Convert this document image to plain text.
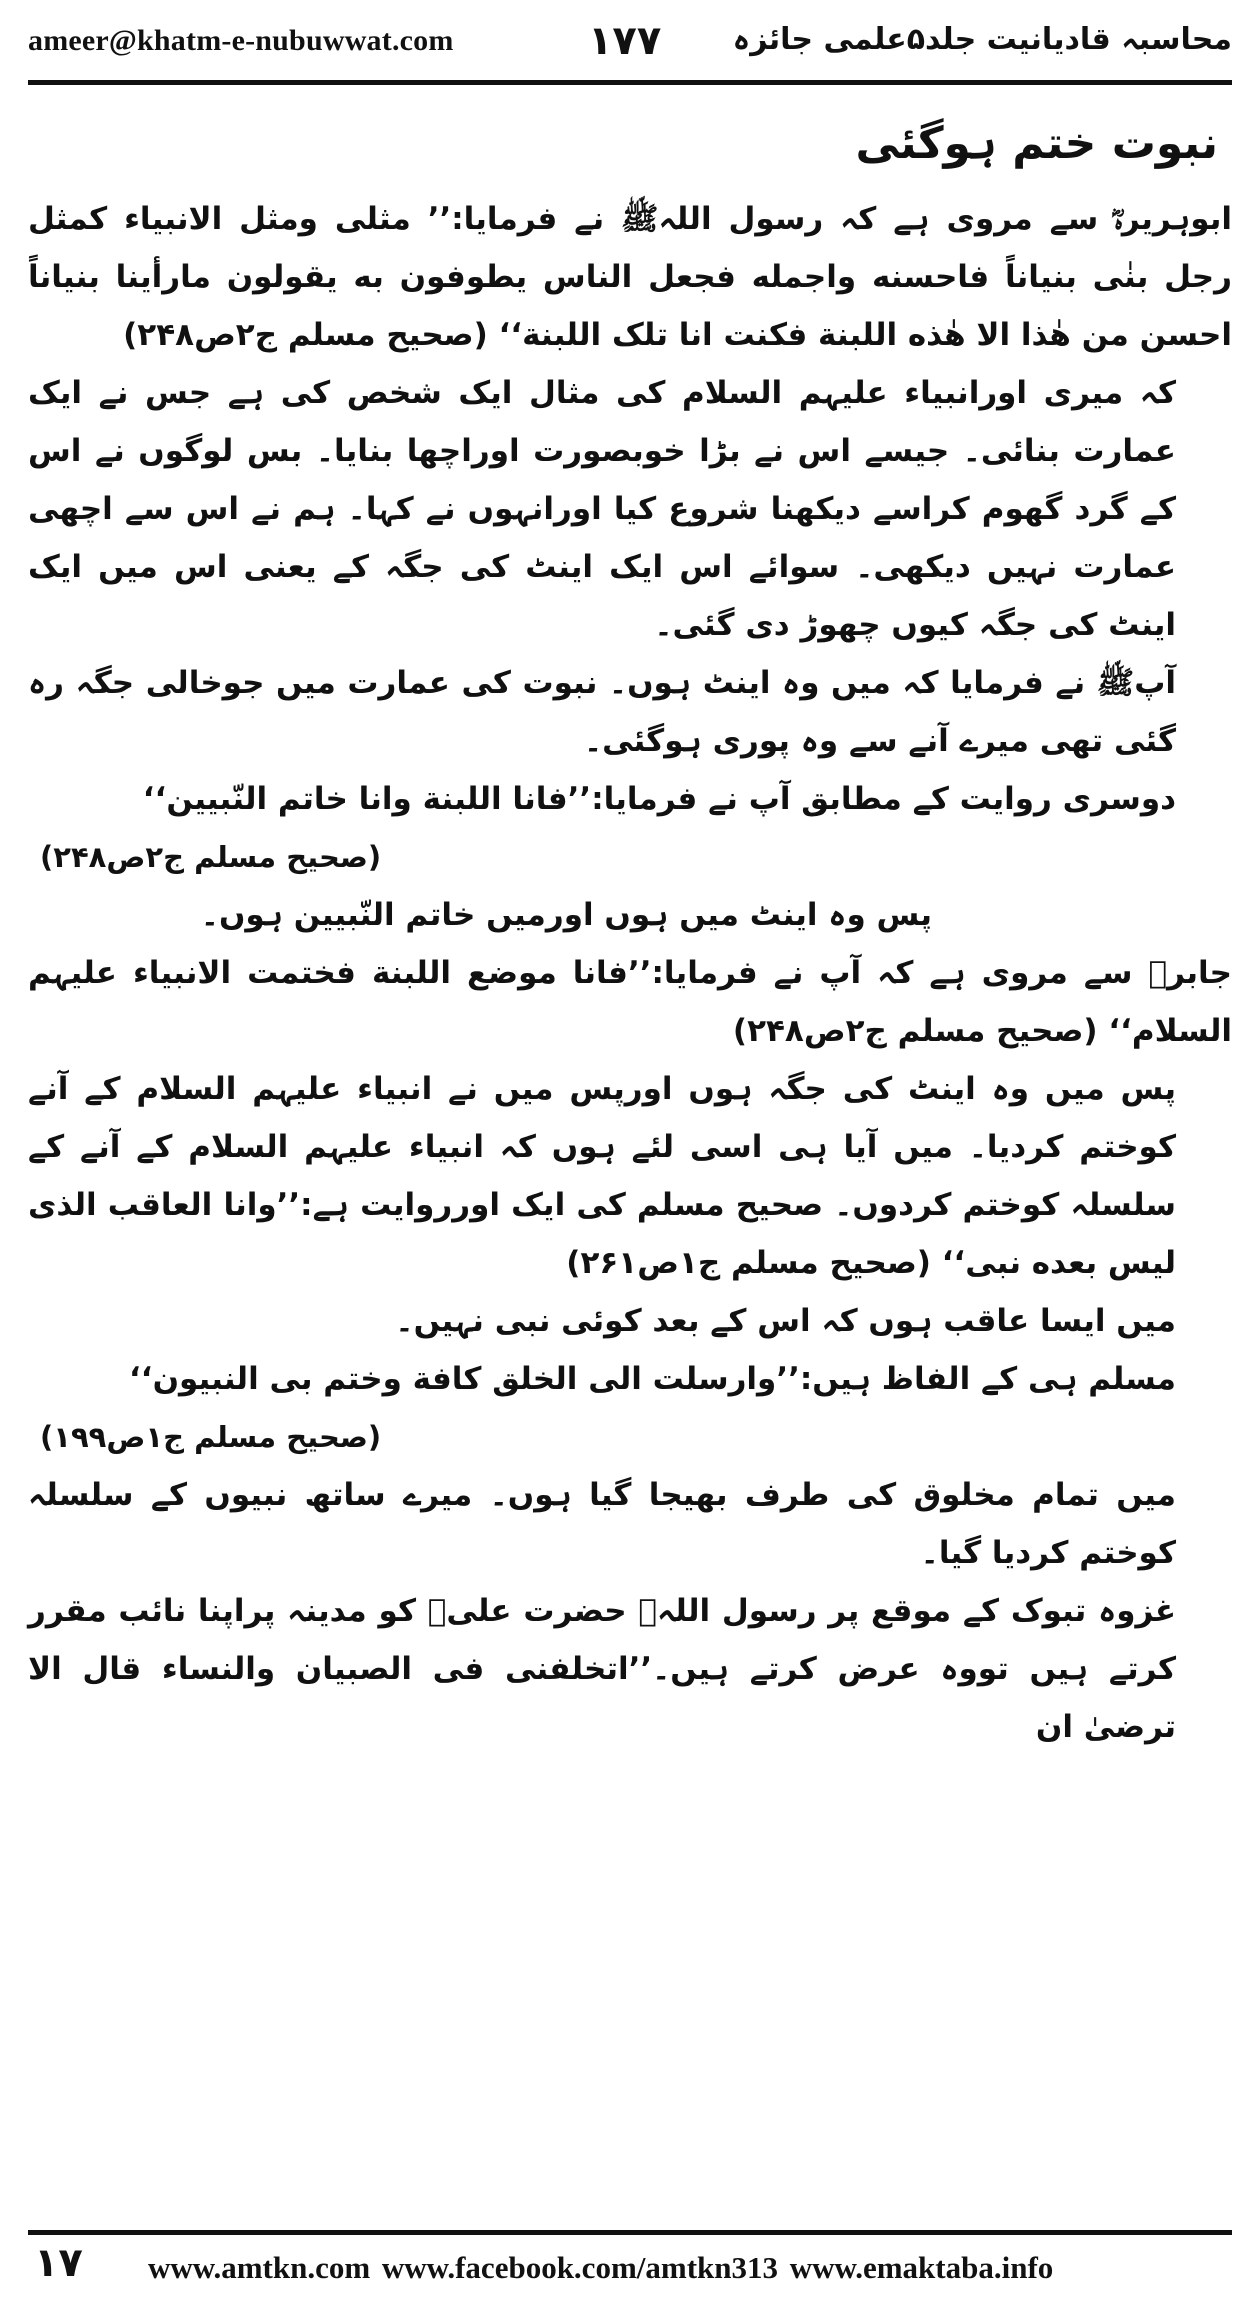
ameer@khatm-e-nubuwwat.com	۱۷۷ محاسبہ قادیانیت جلد۵علمی جائزہ
نبوت ختم ہوگئی

ابوہریرہؓ سے مروی ہے کہ رسول اللہﷺ نے فرمایا:’’ مثلی ومثل الانبیاء کمثل رجل بنٰی بنیاناً فاحسنه واجمله فجعل الناس یطوفون به یقولون مارأینا بنیاناً احسن من ھٰذا الا ھٰذه اللبنة فکنت انا تلک اللبنة‘‘ (صحیح مسلم ج۲ص۲۴۸)

کہ میری اورانبیاء علیہم السلام کی مثال ایک شخص کی ہے جس نے ایک عمارت بنائی۔ جیسے اس نے بڑا خوبصورت اوراچھا بنایا۔ بس لوگوں نے اس کے گرد گھوم کراسے دیکھنا شروع کیا اورانہوں نے کہا۔ ہم نے اس سے اچھی عمارت نہیں دیکھی۔ سوائے اس ایک اینٹ کی جگہ کے یعنی اس میں ایک اینٹ کی جگہ کیوں چھوڑ دی گئی۔

آپﷺ نے فرمایا کہ میں وہ اینٹ ہوں۔ نبوت کی عمارت میں جوخالی جگہ رہ گئی تھی میرے آنے سے وہ پوری ہوگئی۔

دوسری روایت کے مطابق آپ نے فرمایا:’’فانا اللبنة وانا خاتم النّبیین‘‘

(صحیح مسلم ج۲ص۲۴۸)

پس وہ اینٹ میں ہوں اورمیں خاتم النّبیین ہوں۔

جابرؓ سے مروی ہے کہ آپ نے فرمایا:’’فانا موضع اللبنة فختمت الانبیاء علیہم السلام‘‘ (صحیح مسلم ج۲ص۲۴۸)

پس میں وہ اینٹ کی جگہ ہوں اورپس میں نے انبیاء علیہم السلام کے آنے کوختم کردیا۔ میں آیا ہی اسی لئے ہوں کہ انبیاء علیہم السلام کے آنے کے سلسلہ کوختم کردوں۔ صحیح مسلم کی ایک اورروایت ہے:’’وانا العاقب الذی لیس بعده نبی‘‘ (صحیح مسلم ج۱ص۲۶۱)

میں ایسا عاقب ہوں کہ اس کے بعد کوئی نبی نہیں۔

مسلم ہی کے الفاظ ہیں:’’وارسلت الی الخلق کافة وختم بی النبیون‘‘

(صحیح مسلم ج۱ص۱۹۹)

میں تمام مخلوق کی طرف بھیجا گیا ہوں۔ میرے ساتھ نبیوں کے سلسلہ کوختم کردیا گیا۔

غزوہ تبوک کے موقع پر رسول اللہﷺ حضرت علیؓ کو مدینہ پراپنا نائب مقرر کرتے ہیں تووہ عرض کرتے ہیں۔’’اتخلفنی فی الصبیان والنساء قال الا ترضیٰ ان

۱۷ www.amtkn.com www.facebook.com/amtkn313 www.emaktaba.info
